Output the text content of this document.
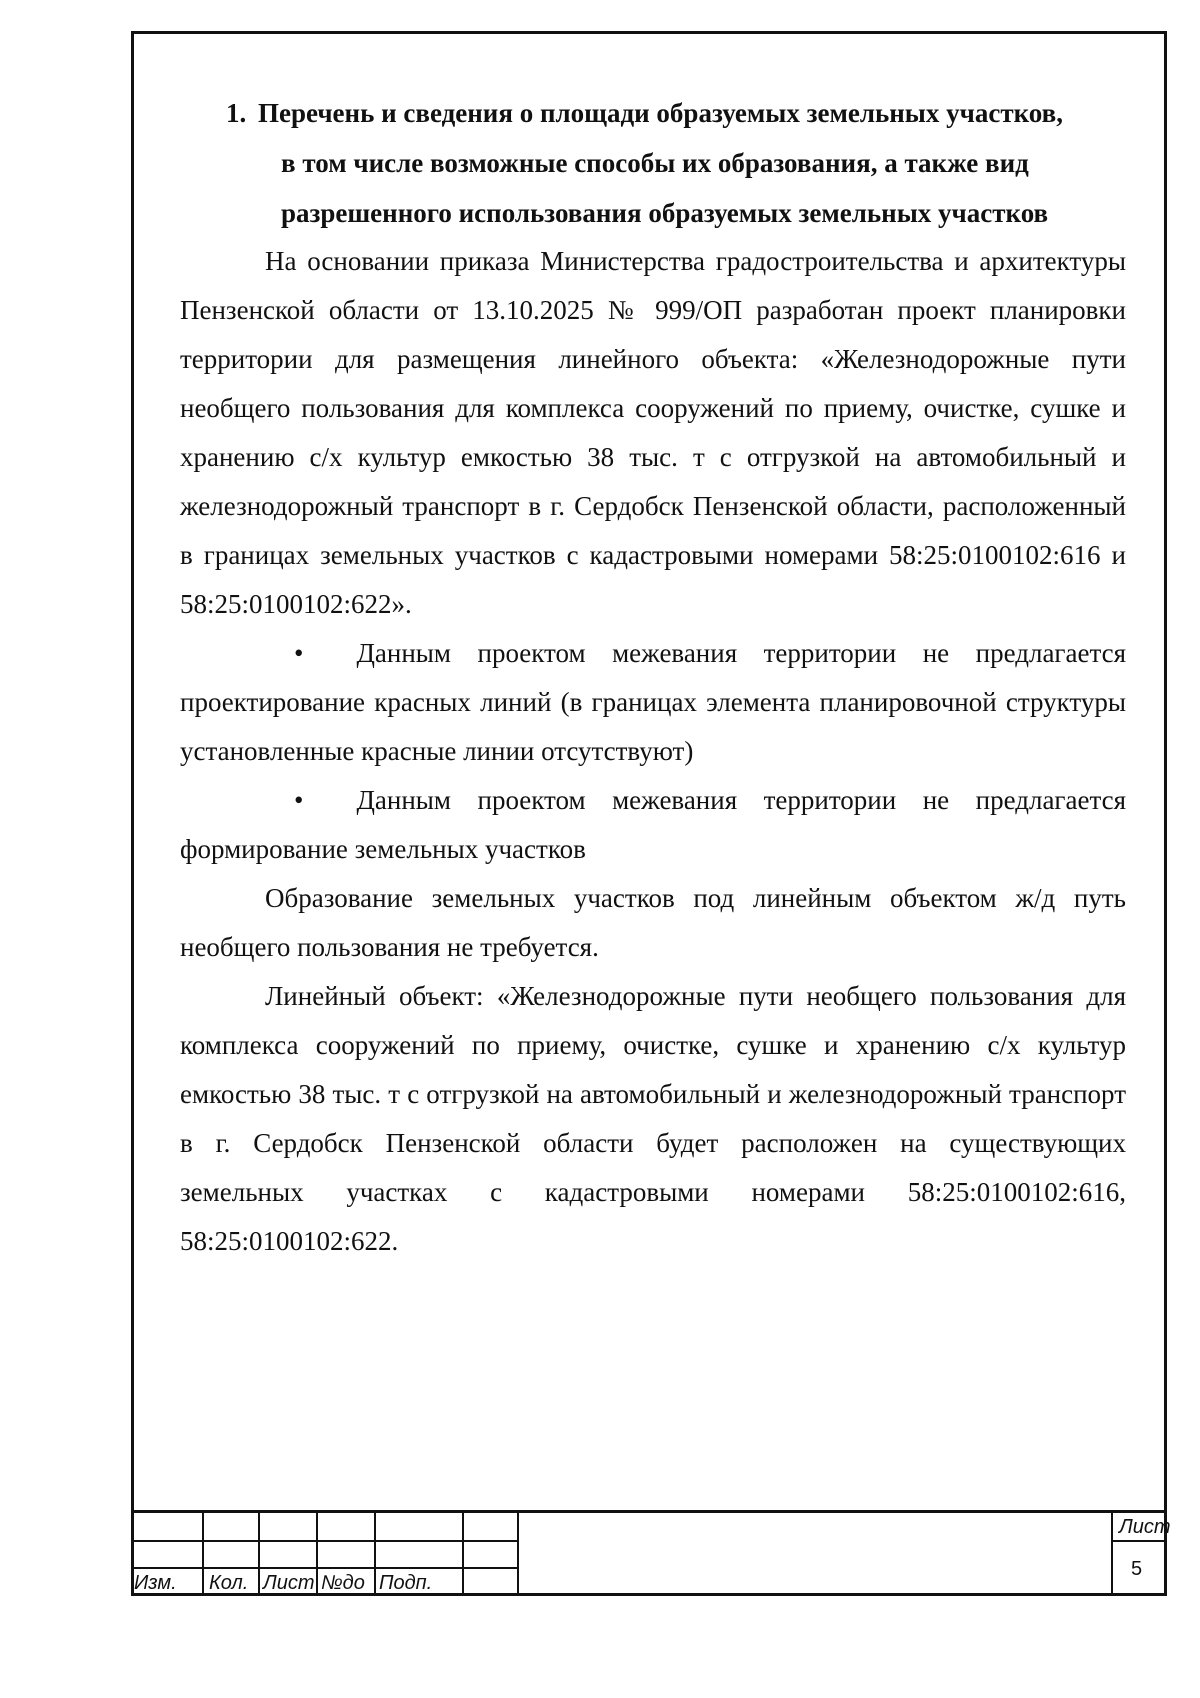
1. Перечень и сведения о площади образуемых земельных участков,
в том числе возможные способы их образования, а также вид
разрешенного использования образуемых земельных участков

На основании приказа Министерства градостроительства и архитектуры Пензенской области от 13.10.2025 № 999/ОП разработан проект планировки территории для размещения линейного объекта: «Железнодорожные пути необщего пользования для комплекса сооружений по приему, очистке, сушке и хранению с/х культур емкостью 38 тыс. т с отгрузкой на автомобильный и железнодорожный транспорт в г. Сердобск Пензенской области, расположенный в границах земельных участков с кадастровыми номерами 58:25:0100102:616 и 58:25:0100102:622».

• Данным проектом межевания территории не предлагается проектирование красных линий (в границах элемента планировочной структуры установленные красные линии отсутствуют)

• Данным проектом межевания территории не предлагается формирование земельных участков

Образование земельных участков под линейным объектом ж/д путь необщего пользования не требуется.

Линейный объект: «Железнодорожные пути необщего пользования для комплекса сооружений по приему, очистке, сушке и хранению с/х культур емкостью 38 тыс. т с отгрузкой на автомобильный и железнодорожный транспорт в г. Сердобск Пензенской области будет расположен на существующих земельных участках с кадастровыми номерами 58:25:0100102:616, 58:25:0100102:622.

Изм. Кол. Лист №до Подп.
Лист
5
